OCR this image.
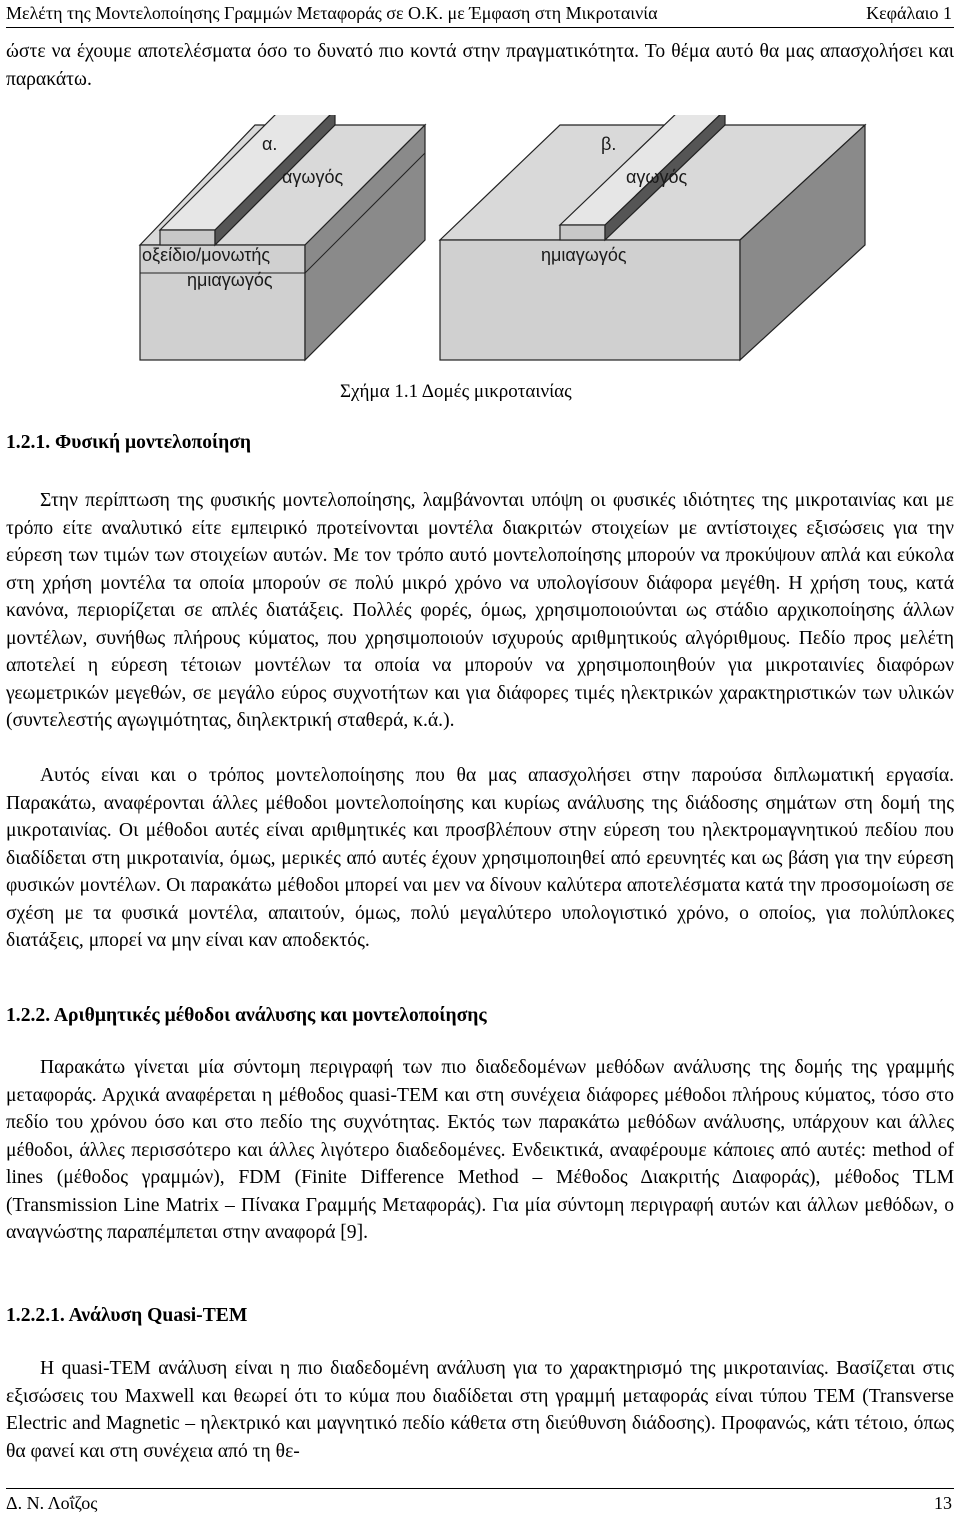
Μελέτη της Μοντελοποίησης Γραμμών Μεταφοράς σε Ο.Κ. με Έμφαση στη Μικροταινία	Κεφάλαιο 1
ώστε να έχουμε αποτελέσματα όσο το δυνατό πιο κοντά στην πραγματικότητα. Το θέμα αυτό θα μας απασχολήσει και παρακάτω.
α.	β.
αγωγός	αγωγός
οξείδιο/μονωτής
ημιαγωγός
ημιαγωγός
Σχήμα 1.1 Δομές μικροταινίας
1.2.1. Φυσική μοντελοποίηση
Στην περίπτωση της φυσικής μοντελοποίησης, λαμβάνονται υπόψη οι φυσικές ιδιότητες της μικροταινίας και με τρόπο είτε αναλυτικό είτε εμπειρικό προτείνονται μοντέλα διακριτών στοιχείων με αντίστοιχες εξισώσεις για την εύρεση των τιμών των στοιχείων αυτών. Με τον τρόπο αυτό μοντελοποίησης μπορούν να προκύψουν απλά και εύκολα στη χρήση μοντέλα τα οποία μπορούν σε πολύ μικρό χρόνο να υπολογίσουν διάφορα μεγέθη. Η χρήση τους, κατά κανόνα, περιορίζεται σε απλές διατάξεις. Πολλές φορές, όμως, χρησιμοποιούνται ως στάδιο αρχικοποίησης άλλων μοντέλων, συνήθως πλήρους κύματος, που χρησιμοποιούν ισχυρούς αριθμητικούς αλγόριθμους. Πεδίο προς μελέτη αποτελεί η εύρεση τέτοιων μοντέλων τα οποία να μπορούν να χρησιμοποιηθούν για μικροταινίες διαφόρων γεωμετρικών μεγεθών, σε μεγάλο εύρος συχνοτήτων και για διάφορες τιμές ηλεκτρικών χαρακτηριστικών των υλικών (συντελεστής αγωγιμότητας, διηλεκτρική σταθερά, κ.ά.).
Αυτός είναι και ο τρόπος μοντελοποίησης που θα μας απασχολήσει στην παρούσα διπλωματική εργασία. Παρακάτω, αναφέρονται άλλες μέθοδοι μοντελοποίησης και κυρίως ανάλυσης της διάδοσης σημάτων στη δομή της μικροταινίας. Οι μέθοδοι αυτές είναι αριθμητικές και προσβλέπουν στην εύρεση του ηλεκτρομαγνητικού πεδίου που διαδίδεται στη μικροταινία, όμως, μερικές από αυτές έχουν χρησιμοποιηθεί από ερευνητές και ως βάση για την εύρεση φυσικών μοντέλων. Οι παρακάτω μέθοδοι μπορεί ναι μεν να δίνουν καλύτερα αποτελέσματα κατά την προσομοίωση σε σχέση με τα φυσικά μοντέλα, απαιτούν, όμως, πολύ μεγαλύτερο υπολογιστικό χρόνο, ο οποίος, για πολύπλοκες διατάξεις, μπορεί να μην είναι καν αποδεκτός.
1.2.2. Αριθμητικές μέθοδοι ανάλυσης και μοντελοποίησης
Παρακάτω γίνεται μία σύντομη περιγραφή των πιο διαδεδομένων μεθόδων ανάλυσης της δομής της γραμμής μεταφοράς. Αρχικά αναφέρεται η μέθοδος quasi-TEM και στη συνέχεια διάφορες μέθοδοι πλήρους κύματος, τόσο στο πεδίο του χρόνου όσο και στο πεδίο της συχνότητας. Εκτός των παρακάτω μεθόδων ανάλυσης, υπάρχουν και άλλες μέθοδοι, άλλες περισσότερο και άλλες λιγότερο διαδεδομένες. Ενδεικτικά, αναφέρουμε κάποιες από αυτές: method of lines (μέθοδος γραμμών), FDM (Finite Difference Method – Μέθοδος Διακριτής Διαφοράς), μέθοδος TLM (Transmission Line Matrix – Πίνακα Γραμμής Μεταφοράς). Για μία σύντομη περιγραφή αυτών και άλλων μεθόδων, ο αναγνώστης παραπέμπεται στην αναφορά [9].
1.2.2.1. Ανάλυση Quasi-TEM
Η quasi-TEM ανάλυση είναι η πιο διαδεδομένη ανάλυση για το χαρακτηρισμό της μικροταινίας. Βασίζεται στις εξισώσεις του Maxwell και θεωρεί ότι το κύμα που διαδίδεται στη γραμμή μεταφοράς είναι τύπου TEM (Transverse Electric and Magnetic – ηλεκτρικό και μαγνητικό πεδίο κάθετα στη διεύθυνση διάδοσης). Προφανώς, κάτι τέτοιο, όπως θα φανεί και στη συνέχεια από τη θε-
Δ. Ν. Λοΐζος	13
